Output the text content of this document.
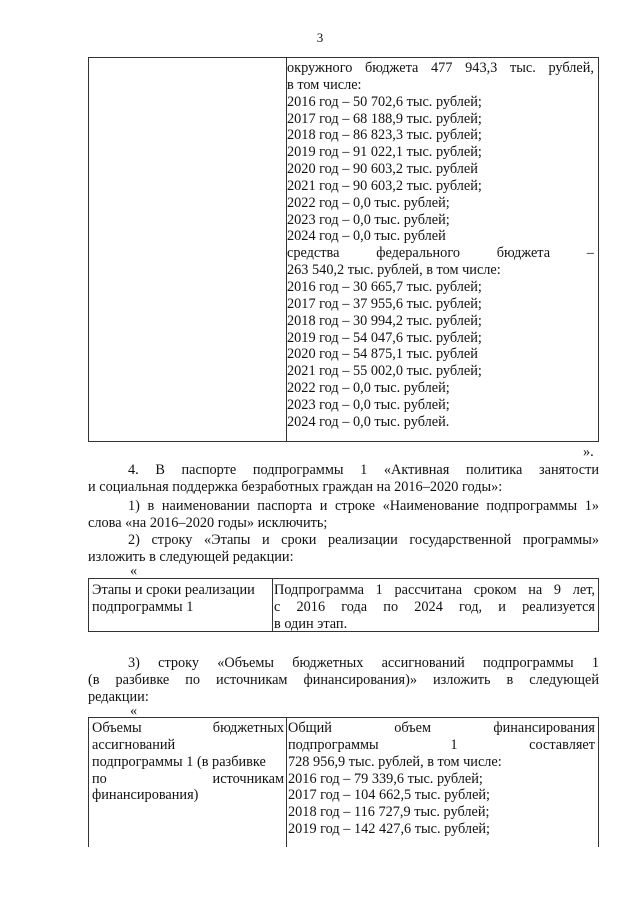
3
окружного бюджета 477 943,3 тыс. рублей,
в том числе:
2016 год – 50 702,6 тыс. рублей;
2017 год – 68 188,9 тыс. рублей;
2018 год – 86 823,3 тыс. рублей;
2019 год – 91 022,1 тыс. рублей;
2020 год – 90 603,2 тыс. рублей
2021 год – 90 603,2 тыс. рублей;
2022 год – 0,0 тыс. рублей;
2023 год – 0,0 тыс. рублей;
2024 год – 0,0 тыс. рублей
средства федерального бюджета –
263 540,2 тыс. рублей, в том числе:
2016 год – 30 665,7 тыс. рублей;
2017 год – 37 955,6 тыс. рублей;
2018 год – 30 994,2 тыс. рублей;
2019 год – 54 047,6 тыс. рублей;
2020 год – 54 875,1 тыс. рублей
2021 год – 55 002,0 тыс. рублей;
2022 год – 0,0 тыс. рублей;
2023 год – 0,0 тыс. рублей;
2024 год – 0,0 тыс. рублей.
».
4. В паспорте подпрограммы 1 «Активная политика занятости
и социальная поддержка безработных граждан на 2016–2020 годы»:
1) в наименовании паспорта и строке «Наименование подпрограммы 1»
слова «на 2016–2020 годы» исключить;
2) строку «Этапы и сроки реализации государственной программы»
изложить в следующей редакции:
«
Этапы и сроки реализации
подпрограммы 1
Подпрограмма 1 рассчитана сроком на 9 лет,
с 2016 года по 2024 год, и реализуется
в один этап.
3) строку «Объемы бюджетных ассигнований подпрограммы 1
(в разбивке по источникам финансирования)» изложить в следующей
редакции:
«
Объемы бюджетных
ассигнований
подпрограммы 1 (в разбивке
по источникам
финансирования)
Общий объем финансирования
подпрограммы 1 составляет
728 956,9 тыс. рублей, в том числе:
2016 год – 79 339,6 тыс. рублей;
2017 год – 104 662,5 тыс. рублей;
2018 год – 116 727,9 тыс. рублей;
2019 год – 142 427,6 тыс. рублей;
